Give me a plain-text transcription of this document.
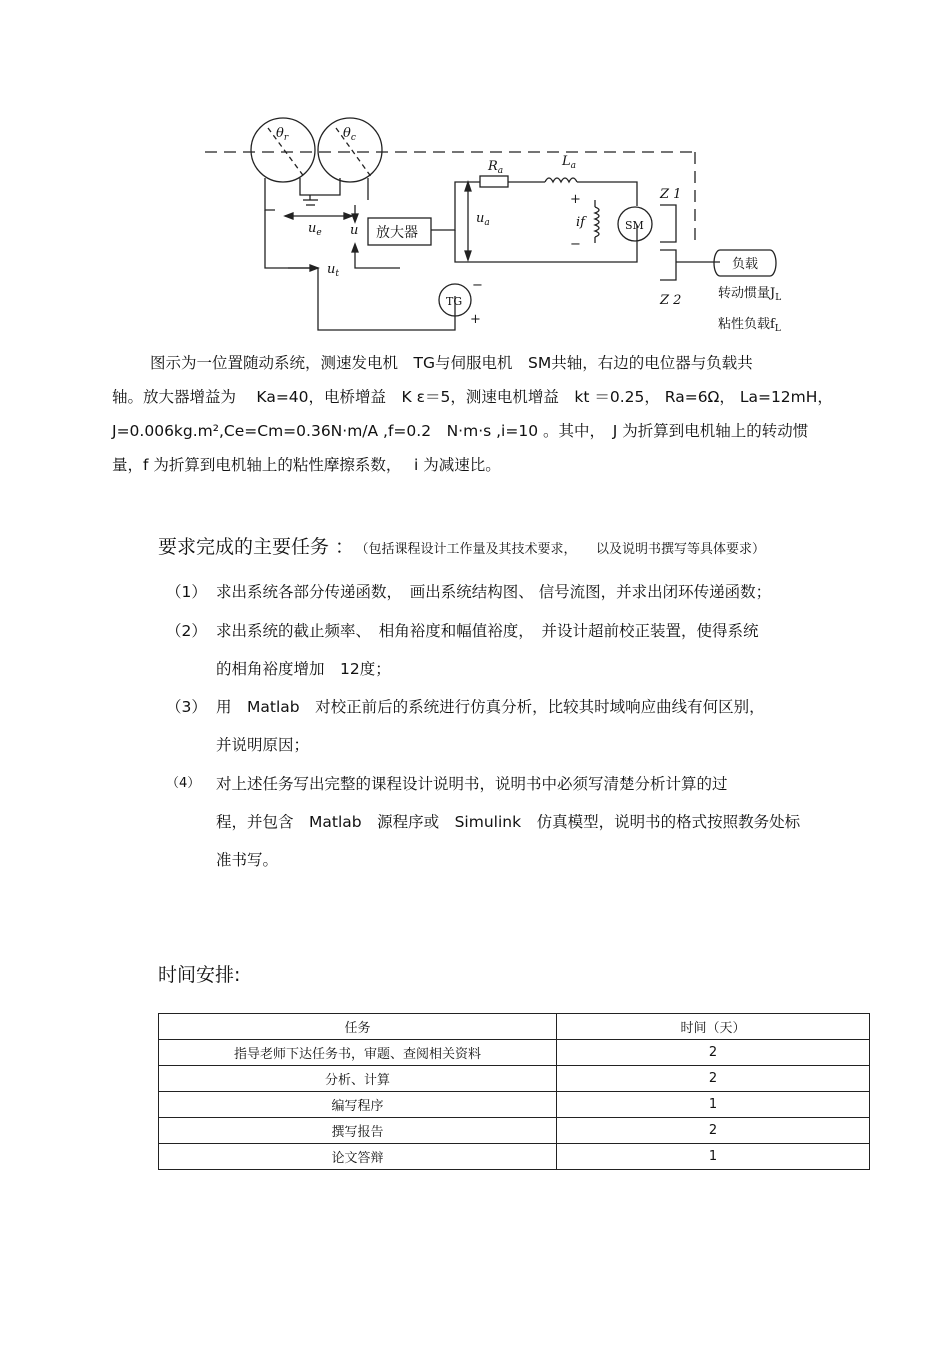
$\theta_r$	$\theta_c$
$u_e$ u
$u_t$
放大器
$u_a$
$R_a$
$L_a$
if
+
−
SM
TG
−
+
Z 1
Z 2
负载
转动惯量$J_L$
粘性负载$f_L$

图示为一位置随动系统，测速发电机　TG与伺服电机　SM共轴，右边的电位器与负载共

轴。放大器增益为　 Ka=40，电桥增益　K ε＝5，测速电机增益　kt ＝0.25， Ra=6Ω， La=12mH，

J=0.006kg.m²,Ce=Cm=0.36N·m/A ,f=0.2　N·m·s ,i=10 。其中，　J 为折算到电机轴上的转动惯

量，f 为折算到电机轴上的粘性摩擦系数，　 i 为减速比。

要求完成的主要任务 ： （包括课程设计工作量及其技术要求，　　以及说明书撰写等具体要求）
（1） 求出系统各部分传递函数，　画出系统结构图、 信号流图，并求出闭环传递函数；

（2） 求出系统的截止频率、　相角裕度和幅值裕度，　并设计超前校正装置，使得系统

的相角裕度增加　12度；

（3） 用　Matlab　对校正前后的系统进行仿真分析，比较其时域响应曲线有何区别，

并说明原因；

（4）	对上述任务写出完整的课程设计说明书，说明书中必须写清楚分析计算的过

程，并包含　Matlab　源程序或　Simulink　仿真模型，说明书的格式按照教务处标

准书写。

时间安排:
任务	时间（天）
指导老师下达任务书，审题、查阅相关资料	2
分析、计算	2
编写程序	1
撰写报告	2
论文答辩	1
